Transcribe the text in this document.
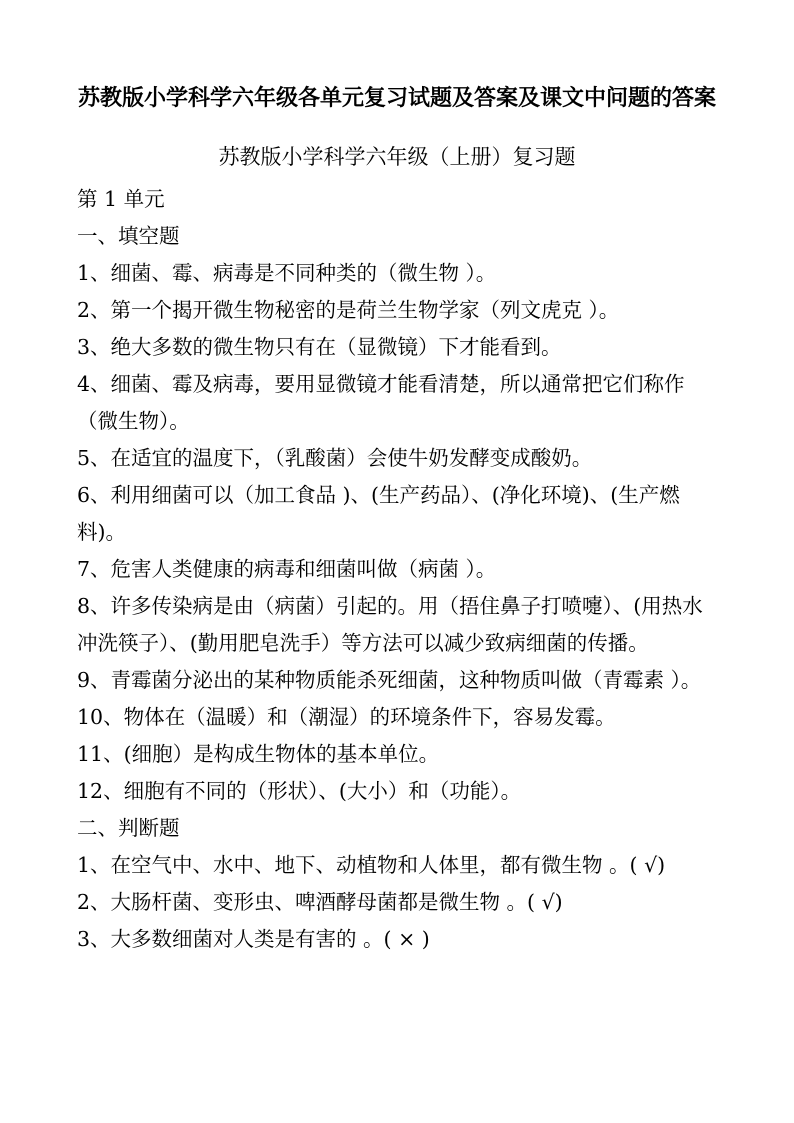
苏教版小学科学六年级各单元复习试题及答案及课文中问题的答案
苏教版小学科学六年级（上册）复习题
第 1 单元
一、填空题
1、细菌、霉、病毒是不同种类的（微生物 ）。
2、第一个揭开微生物秘密的是荷兰生物学家（列文虎克 ）。
3、绝大多数的微生物只有在（显微镜）下才能看到。
4、细菌、霉及病毒，要用显微镜才能看清楚，所以通常把它们称作
（微生物）。
5、在适宜的温度下，（乳酸菌）会使牛奶发酵变成酸奶。
6、利用细菌可以（加工食品 )、(生产药品）、(净化环境)、(生产燃
料)。
7、危害人类健康的病毒和细菌叫做（病菌 ）。
8、许多传染病是由（病菌）引起的。用（捂住鼻子打喷嚏）、(用热水
冲洗筷子）、(勤用肥皂洗手）等方法可以减少致病细菌的传播。
9、青霉菌分泌出的某种物质能杀死细菌，这种物质叫做（青霉素 ）。
10、物体在（温暖）和（潮湿）的环境条件下，容易发霉。
11、(细胞）是构成生物体的基本单位。
12、细胞有不同的（形状）、(大小）和（功能）。
二、判断题
1、在空气中、水中、地下、动植物和人体里，都有微生物 。( √)
2、大肠杆菌、变形虫、啤酒酵母菌都是微生物 。( √)
3、大多数细菌对人类是有害的 。( × )
